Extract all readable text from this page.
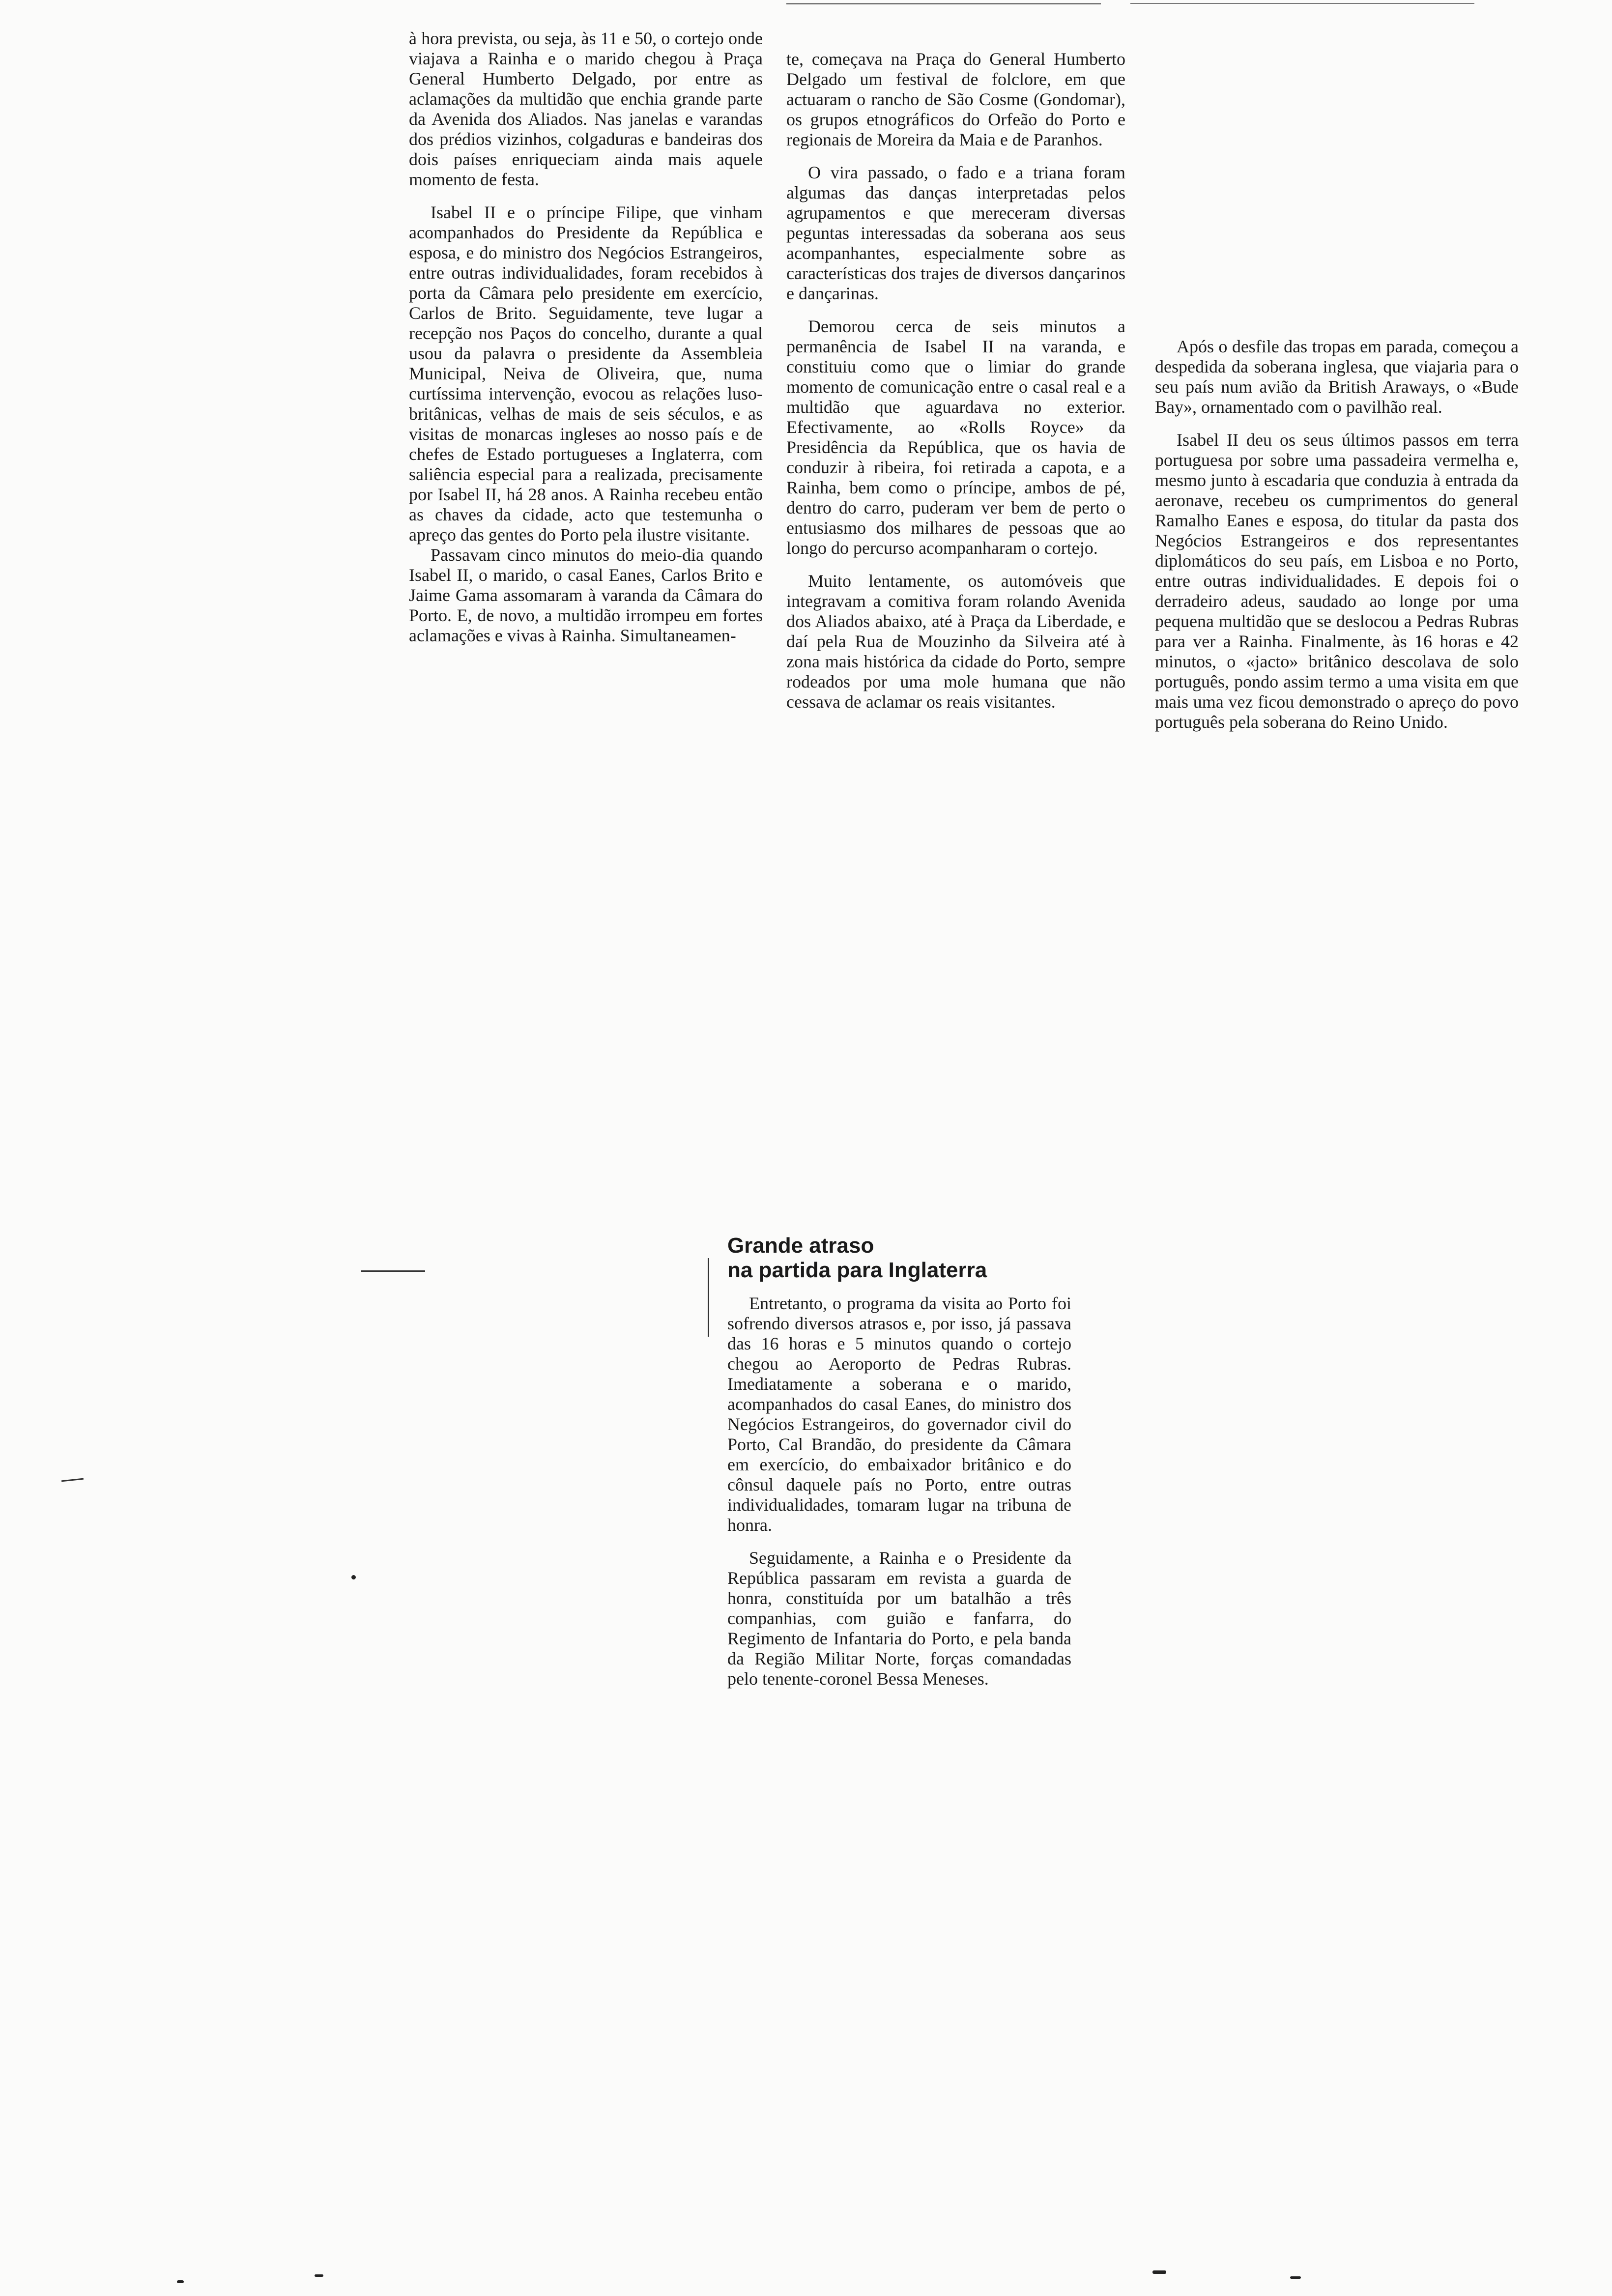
à hora prevista, ou seja, às 11 e 50, o cortejo onde viajava a Rainha e o marido chegou à Praça General Humberto Delgado, por entre as aclamações da multidão que enchia grande parte da Avenida dos Aliados. Nas janelas e varandas dos prédios vizinhos, colgaduras e bandeiras dos dois países enriqueciam ainda mais aquele momento de festa.

Isabel II e o príncipe Filipe, que vinham acompanhados do Presidente da República e esposa, e do ministro dos Negócios Estrangeiros, entre outras individualidades, foram recebidos à porta da Câmara pelo presidente em exercício, Carlos de Brito. Seguidamente, teve lugar a recepção nos Paços do concelho, durante a qual usou da palavra o presidente da Assembleia Municipal, Neiva de Oliveira, que, numa curtíssima intervenção, evocou as relações luso-britânicas, velhas de mais de seis séculos, e as visitas de monarcas ingleses ao nosso país e de chefes de Estado portugueses a Inglaterra, com saliência especial para a realizada, precisamente por Isabel II, há 28 anos. A Rainha recebeu então as chaves da cidade, acto que testemunha o apreço das gentes do Porto pela ilustre visitante.

Passavam cinco minutos do meio-dia quando Isabel II, o marido, o casal Eanes, Carlos Brito e Jaime Gama assomaram à varanda da Câmara do Porto. E, de novo, a multidão irrompeu em fortes aclamações e vivas à Rainha. Simultaneamen-

te, começava na Praça do General Humberto Delgado um festival de folclore, em que actuaram o rancho de São Cosme (Gondomar), os grupos etnográficos do Orfeão do Porto e regionais de Moreira da Maia e de Paranhos.

O vira passado, o fado e a triana foram algumas das danças interpretadas pelos agrupamentos e que mereceram diversas peguntas interessadas da soberana aos seus acompanhantes, especialmente sobre as características dos trajes de diversos dançarinos e dançarinas.

Demorou cerca de seis minutos a permanência de Isabel II na varanda, e constituiu como que o limiar do grande momento de comunicação entre o casal real e a multidão que aguardava no exterior. Efectivamente, ao «Rolls Royce» da Presidência da República, que os havia de conduzir à ribeira, foi retirada a capota, e a Rainha, bem como o príncipe, ambos de pé, dentro do carro, puderam ver bem de perto o entusiasmo dos milhares de pessoas que ao longo do percurso acompanharam o cortejo.

Muito lentamente, os automóveis que integravam a comitiva foram rolando Avenida dos Aliados abaixo, até à Praça da Liberdade, e daí pela Rua de Mouzinho da Silveira até à zona mais histórica da cidade do Porto, sempre rodeados por uma mole humana que não cessava de aclamar os reais visitantes.

Grande atraso
na partida para Inglaterra

Entretanto, o programa da visita ao Porto foi sofrendo diversos atrasos e, por isso, já passava das 16 horas e 5 minutos quando o cortejo chegou ao Aeroporto de Pedras Rubras. Imediatamente a soberana e o marido, acompanhados do casal Eanes, do ministro dos Negócios Estrangeiros, do governador civil do Porto, Cal Brandão, do presidente da Câmara em exercício, do embaixador britânico e do cônsul daquele país no Porto, entre outras individualidades, tomaram lugar na tribuna de honra.

Seguidamente, a Rainha e o Presidente da República passaram em revista a guarda de honra, constituída por um batalhão a três companhias, com guião e fanfarra, do Regimento de Infantaria do Porto, e pela banda da Região Militar Norte, forças comandadas pelo tenente-coronel Bessa Meneses.

Após o desfile das tropas em parada, começou a despedida da soberana inglesa, que viajaria para o seu país num avião da British Araways, o «Bude Bay», ornamentado com o pavilhão real.

Isabel II deu os seus últimos passos em terra portuguesa por sobre uma passadeira vermelha e, mesmo junto à escadaria que conduzia à entrada da aeronave, recebeu os cumprimentos do general Ramalho Eanes e esposa, do titular da pasta dos Negócios Estrangeiros e dos representantes diplomáticos do seu país, em Lisboa e no Porto, entre outras individualidades. E depois foi o derradeiro adeus, saudado ao longe por uma pequena multidão que se deslocou a Pedras Rubras para ver a Rainha. Finalmente, às 16 horas e 42 minutos, o «jacto» britânico descolava de solo português, pondo assim termo a uma visita em que mais uma vez ficou demonstrado o apreço do povo português pela soberana do Reino Unido.
